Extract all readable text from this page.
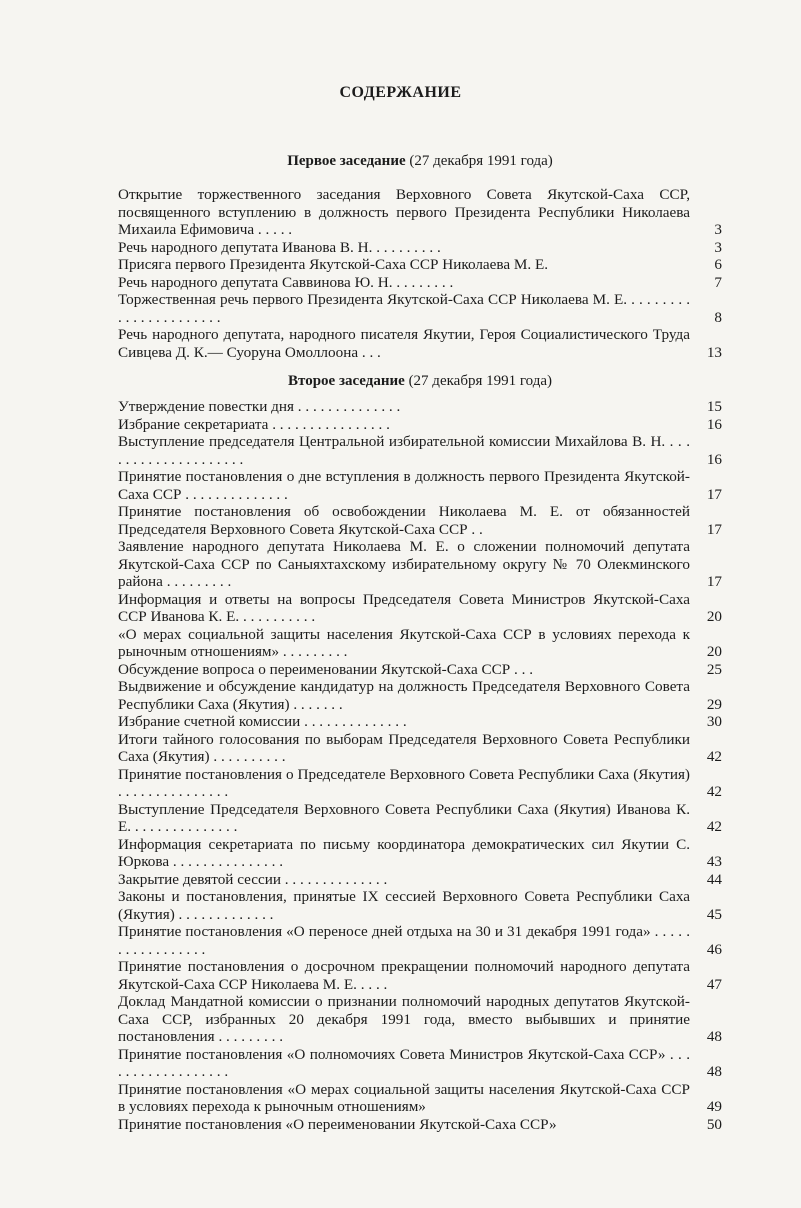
СОДЕРЖАНИЕ
Первое заседание (27 декабря 1991 года)
Открытие торжественного заседания Верховного Совета Якутской-Саха ССР, посвященного вступлению в должность первого Президента Республики Николаева Михаила Ефимовича . . . . .	3
Речь народного депутата Иванова В. Н. . . . . . . . . .	3
Присяга первого Президента Якутской-Саха ССР Николаева М. Е.	6
Речь народного депутата Саввинова Ю. Н. . . . . . . . .	7
Торжественная речь первого Президента Якутской-Саха ССР Николаева М. Е. . . . . . . . . . . . . . . . . . . . . . .	8
Речь народного депутата, народного писателя Якутии, Героя Социалистического Труда Сивцева Д. К.— Суоруна Омоллоона . . .	13
Второе заседание (27 декабря 1991 года)
Утверждение повестки дня . . . . . . . . . . . . . .	15
Избрание секретариата . . . . . . . . . . . . . . . .	16
Выступление председателя Центральной избирательной комиссии Михайлова В. Н. . . . . . . . . . . . . . . . . . . . .	16
Принятие постановления о дне вступления в должность первого Президента Якутской-Саха ССР . . . . . . . . . . . . . .	17
Принятие постановления об освобождении Николаева М. Е. от обязанностей Председателя Верховного Совета Якутской-Саха ССР . .	17
Заявление народного депутата Николаева М. Е. о сложении полномочий депутата Якутской-Саха ССР по Саныяхтахскому избирательному округу № 70 Олекминского района . . . . . . . . .	17
Информация и ответы на вопросы Председателя Совета Министров Якутской-Саха ССР Иванова К. Е. . . . . . . . . . .	20
«О мерах социальной защиты населения Якутской-Саха ССР в условиях перехода к рыночным отношениям» . . . . . . . . .	20
Обсуждение вопроса о переименовании Якутской-Саха ССР . . .	25
Выдвижение и обсуждение кандидатур на должность Председателя Верховного Совета Республики Саха (Якутия) . . . . . . .	29
Избрание счетной комиссии . . . . . . . . . . . . . .	30
Итоги тайного голосования по выборам Председателя Верховного Совета Республики Саха (Якутия) . . . . . . . . . .	42
Принятие постановления о Председателе Верховного Совета Республики Саха (Якутия) . . . . . . . . . . . . . . .	42
Выступление Председателя Верховного Совета Республики Саха (Якутия) Иванова К. Е. . . . . . . . . . . . . . .	42
Информация секретариата по письму координатора демократических сил Якутии С. Юркова . . . . . . . . . . . . . . .	43
Закрытие девятой сессии . . . . . . . . . . . . . .	44
Законы и постановления, принятые IX сессией Верховного Совета Республики Саха (Якутия) . . . . . . . . . . . . .	45
Принятие постановления «О переносе дней отдыха на 30 и 31 декабря 1991 года» . . . . . . . . . . . . . . . . .	46
Принятие постановления о досрочном прекращении полномочий народного депутата Якутской-Саха ССР Николаева М. Е. . . . .	47
Доклад Мандатной комиссии о признании полномочий народных депутатов Якутской-Саха ССР, избранных 20 декабря 1991 года, вместо выбывших и принятие постановления . . . . . . . . .	48
Принятие постановления «О полномочиях Совета Министров Якутской-Саха ССР» . . . . . . . . . . . . . . . . . .	48
Принятие постановления «О мерах социальной защиты населения Якутской-Саха ССР в условиях перехода к рыночным отношениям»	49
Принятие постановления «О переименовании Якутской-Саха ССР»	50
